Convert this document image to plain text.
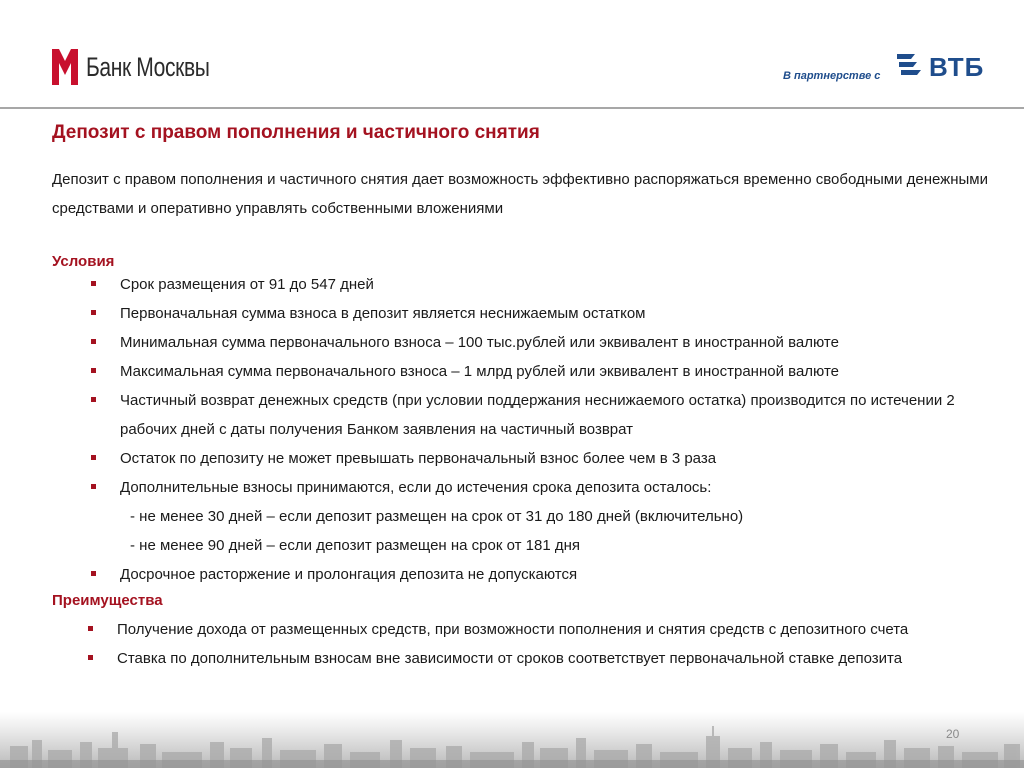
Банк Москвы	В партнерстве с ВТБ
Депозит с правом пополнения и частичного снятия
Депозит с правом пополнения и частичного снятия дает возможность эффективно распоряжаться временно свободными денежными средствами и оперативно управлять собственными вложениями
Условия
Срок размещения от 91 до 547 дней
Первоначальная сумма взноса в депозит является неснижаемым остатком
Минимальная сумма первоначального взноса – 100 тыс.рублей или эквивалент в иностранной валюте
Максимальная сумма первоначального взноса – 1 млрд рублей или эквивалент в иностранной валюте
Частичный возврат денежных средств (при условии поддержания неснижаемого остатка) производится по истечении 2 рабочих дней с даты получения Банком заявления на частичный возврат
Остаток по депозиту не может превышать первоначальный взнос более чем в 3 раза
Дополнительные взносы принимаются, если до истечения срока депозита осталось:
- не менее 30 дней – если депозит размещен на срок от 31 до 180 дней (включительно)
- не менее 90 дней – если депозит размещен на срок от 181 дня
Досрочное расторжение и пролонгация депозита не допускаются
Преимущества
Получение дохода от размещенных средств, при возможности пополнения и снятия средств с депозитного счета
Ставка по дополнительным взносам вне зависимости от сроков соответствует первоначальной ставке депозита
20
